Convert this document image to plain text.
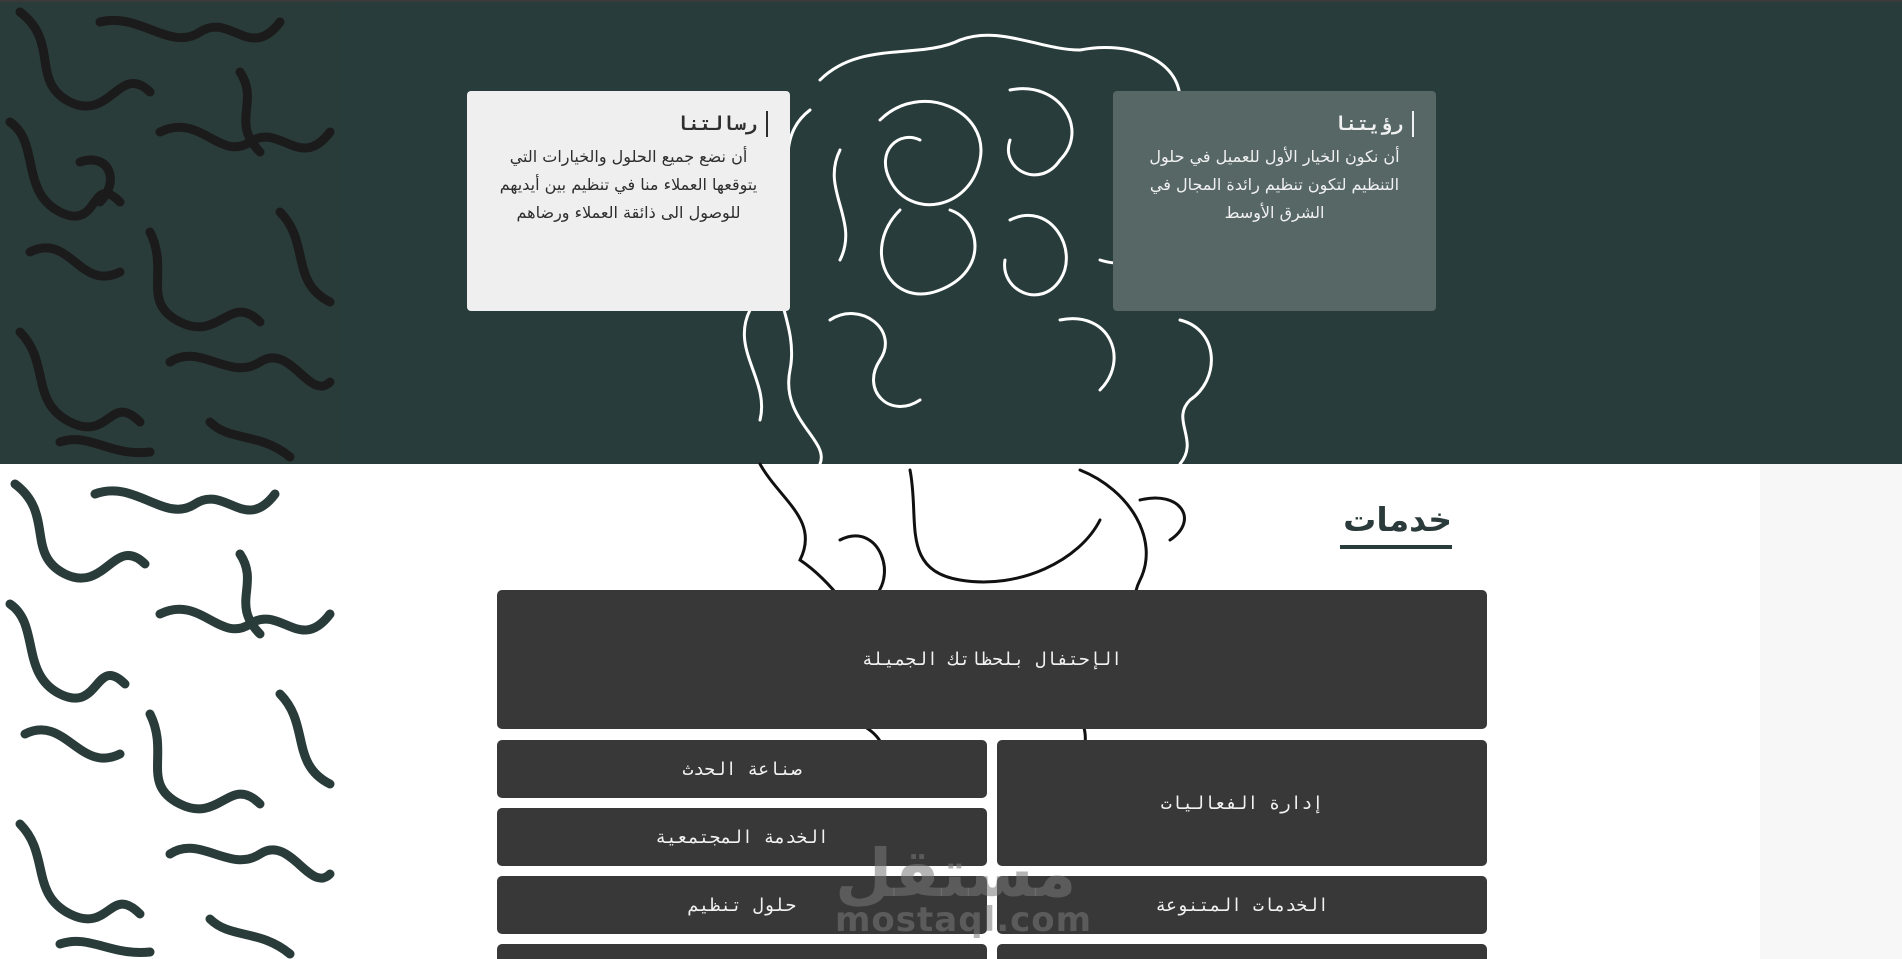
رسالتنا

أن نضع جميع الحلول والخيارات التي يتوقعها العملاء منا في تنظيم بين أيديهم للوصول الى ذائقة العملاء ورضاهم

رؤيتنا

أن نكون الخيار الأول للعميل في حلول التنظيم لتكون تنظيم رائدة المجال في الشرق الأوسط

خدمات
الإحتفال بلحظاتك الجميلة
صناعة الحدث
إدارة الفعاليات
الخدمة المجتمعية
حلول تنظيم	الخدمات المتنوعة
مستقل
mostaql.com
